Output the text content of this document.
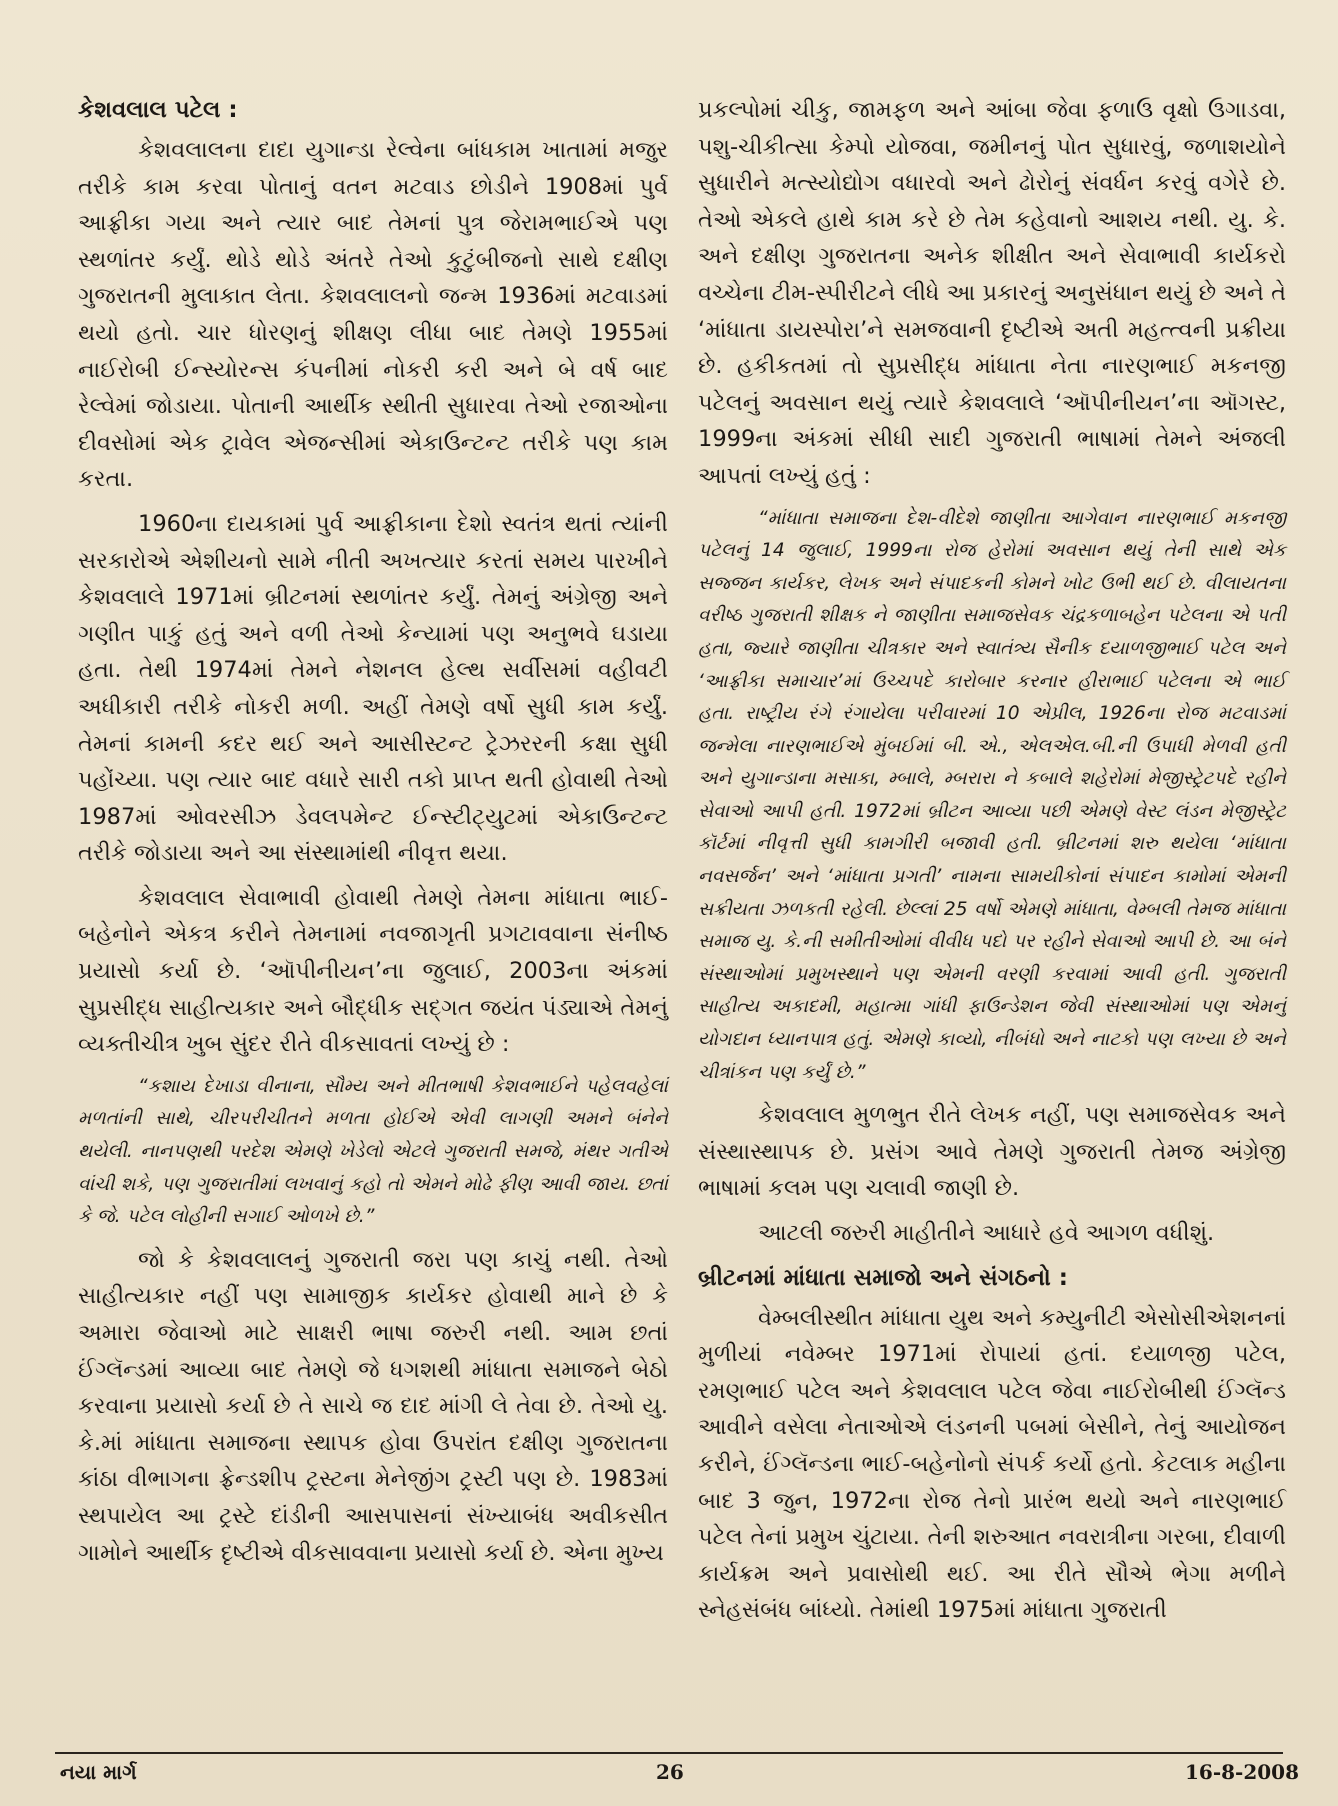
કેશવલાલ પટેલ :

કેશવલાલના દાદા યુગાન્ડા રેલ્વેના બાંધકામ ખાતામાં મજુર તરીકે કામ કરવા પોતાનું વતન મટવાડ છોડીને 1908માં પુર્વ આફ્રીકા ગયા અને ત્યાર બાદ તેમનાં પુત્ર જેરામભાઈએ પણ સ્થળાંતર કર્યું. થોડે થોડે અંતરે તેઓ કુટુંબીજનો સાથે દક્ષીણ ગુજરાતની મુલાકાત લેતા. કેશવલાલનો જન્મ 1936માં મટવાડમાં થયો હતો. ચાર ધોરણનું શીક્ષણ લીધા બાદ તેમણે 1955માં નાઈરોબી ઈન્સ્યોરન્સ કંપનીમાં નોકરી કરી અને બે વર્ષ બાદ રેલ્વેમાં જોડાયા. પોતાની આર્થીક સ્થીતી સુધારવા તેઓ રજાઓના દીવસોમાં એક ટ્રાવેલ એજન્સીમાં એકાઉન્ટન્ટ તરીકે પણ કામ કરતા.

1960ના દાયકામાં પુર્વ આફ્રીકાના દેશો સ્વતંત્ર થતાં ત્યાંની સરકારોએ એશીયનો સામે નીતી અખત્યાર કરતાં સમય પારખીને કેશવલાલે 1971માં બ્રીટનમાં સ્થળાંતર કર્યું. તેમનું અંગ્રેજી અને ગણીત પાકું હતું અને વળી તેઓ કેન્યામાં પણ અનુભવે ઘડાયા હતા. તેથી 1974માં તેમને નેશનલ હેલ્થ સર્વીસમાં વહીવટી અધીકારી તરીકે નોકરી મળી. અહીં તેમણે વર્ષો સુધી કામ કર્યું. તેમનાં કામની કદર થઈ અને આસીસ્ટન્ટ ટ્રેઝરરની કક્ષા સુધી પહોંચ્યા. પણ ત્યાર બાદ વધારે સારી તકો પ્રાપ્ત થતી હોવાથી તેઓ 1987માં ઓવરસીઝ ડેવલપમેન્ટ ઈન્સ્ટીટ્યુટમાં એકાઉન્ટન્ટ તરીકે જોડાયા અને આ સંસ્થામાંથી નીવૃત્ત થયા.

કેશવલાલ સેવાભાવી હોવાથી તેમણે તેમના માંધાતા ભાઈ-બહેનોને એકત્ર કરીને તેમનામાં નવજાગૃતી પ્રગટાવવાના સંનીષ્ઠ પ્રયાસો કર્યા છે. ‘ઑપીનીયન’ના જુલાઈ, 2003ના અંકમાં સુપ્રસીદ્ધ સાહીત્યકાર અને બૌદ્ધીક સદ્‌ગત જયંત પંડ્યાએ તેમનું વ્યક્તીચીત્ર ખુબ સુંદર રીતે વીકસાવતાં લખ્યું છે :

“કશાય દેખાડા વીનાના, સૌમ્ય અને મીતભાષી કેશવભાઈને પહેલવહેલાં મળતાંની સાથે, ચીરપરીચીતને મળતા હોઈએ એવી લાગણી અમને બંનેને થયેલી. નાનપણથી પરદેશ એમણે ખેડેલો એટલે ગુજરાતી સમજે, મંથર ગતીએ વાંચી શકે, પણ ગુજરાતીમાં લખવાનું કહો તો એમને મોઢે ફીણ આવી જાય. છતાં કે જે. પટેલ લોહીની સગાઈ ઓળખે છે.”

જો કે કેશવલાલનું ગુજરાતી જરા પણ કાચું નથી. તેઓ સાહીત્યકાર નહીં પણ સામાજીક કાર્યકર હોવાથી માને છે કે અમારા જેવાઓ માટે સાક્ષરી ભાષા જરુરી નથી. આમ છતાં ઈંગ્લૅન્ડમાં આવ્યા બાદ તેમણે જે ધગશથી માંધાતા સમાજને બેઠો કરવાના પ્રયાસો કર્યા છે તે સાચે જ દાદ માંગી લે તેવા છે. તેઓ યુ. કે.માં માંધાતા સમાજના સ્થાપક હોવા ઉપરાંત દક્ષીણ ગુજરાતના કાંઠા વીભાગના ફ્રેન્ડશીપ ટ્રસ્ટના મેનેજીંગ ટ્રસ્ટી પણ છે. 1983માં સ્થપાયેલ આ ટ્રસ્ટે દાંડીની આસપાસનાં સંખ્યાબંધ અવીકસીત ગામોને આર્થીક દૃષ્ટીએ વીકસાવવાના પ્રયાસો કર્યા છે. એના મુખ્ય

પ્રકલ્પોમાં ચીકુ, જામફળ અને આંબા જેવા ફળાઉ વૃક્ષો ઉગાડવા, પશુ-ચીકીત્સા કેમ્પો યોજવા, જમીનનું પોત સુધારવું, જળાશયોને સુધારીને મત્સ્યોદ્યોગ વધારવો અને ઢોરોનું સંવર્ધન કરવું વગેરે છે. તેઓ એકલે હાથે કામ કરે છે તેમ કહેવાનો આશય નથી. યુ. કે. અને દક્ષીણ ગુજરાતના અનેક શીક્ષીત અને સેવાભાવી કાર્યકરો વચ્ચેના ટીમ-સ્પીરીટને લીધે આ પ્રકારનું અનુસંધાન થયું છે અને તે ‘માંધાતા ડાયસ્પોરા’ને સમજવાની દૃષ્ટીએ અતી મહત્ત્વની પ્રક્રીયા છે. હકીકતમાં તો સુપ્રસીદ્ધ માંધાતા નેતા નારણભાઈ મકનજી પટેલનું અવસાન થયું ત્યારે કેશવલાલે ‘ઑપીનીયન’ના ઑગસ્ટ, 1999ના અંકમાં સીધી સાદી ગુજરાતી ભાષામાં તેમને અંજલી આપતાં લખ્યું હતું :

“માંધાતા સમાજના દેશ-વીદેશે જાણીતા આગેવાન નારણભાઈ મકનજી પટેલનું 14 જુલાઈ, 1999ના રોજ હેરોમાં અવસાન થયું તેની સાથે એક સજ્જન કાર્યકર, લેખક અને સંપાદકની કોમને ખોટ ઉભી થઈ છે. વીલાયતના વરીષ્ઠ ગુજરાતી શીક્ષક ને જાણીતા સમાજસેવક ચંદ્રકળાબહેન પટેલના એ પતી હતા, જ્યારે જાણીતા ચીત્રકાર અને સ્વાતંત્ર્ય સૈનીક દયાળજીભાઈ પટેલ અને ‘આફ્રીકા સમાચાર’માં ઉચ્ચપદે કારોબાર કરનાર હીરાભાઈ પટેલના એ ભાઈ હતા. રાષ્ટ્રીય રંગે રંગાયેલા પરીવારમાં 10 એપ્રીલ, 1926ના રોજ મટવાડમાં જન્મેલા નારણભાઈએ મુંબઈમાં બી. એ., એલએલ.બી.ની ઉપાધી મેળવી હતી અને યુગાન્ડાના મસાકા, મ્બાલે, મ્બરારા ને કબાલે શહેરોમાં મેજીસ્ટ્રેટપદે રહીને સેવાઓ આપી હતી. 1972માં બ્રીટન આવ્યા પછી એમણે વેસ્ટ લંડન મેજીસ્ટ્રેટ કૉર્ટમાં નીવૃત્તી સુધી કામગીરી બજાવી હતી. બ્રીટનમાં શરુ થયેલા ‘માંધાતા નવસર્જન’ અને ‘માંધાતા પ્રગતી’ નામના સામયીકોનાં સંપાદન કામોમાં એમની સક્રીયતા ઝળકતી રહેલી. છેલ્લાં 25 વર્ષો એમણે માંધાતા, વેમ્બલી તેમજ માંધાતા સમાજ યુ. કે.ની સમીતીઓમાં વીવીધ પદો પર રહીને સેવાઓ આપી છે. આ બંને સંસ્થાઓમાં પ્રમુખસ્થાને પણ એમની વરણી કરવામાં આવી હતી. ગુજરાતી સાહીત્ય અકાદમી, મહાત્મા ગાંધી ફાઉન્ડેશન જેવી સંસ્થાઓમાં પણ એમનું યોગદાન ધ્યાનપાત્ર હતું. એમણે કાવ્યો, નીબંધો અને નાટકો પણ લખ્યા છે અને ચીત્રાંકન પણ કર્યું છે.”

કેશવલાલ મુળભુત રીતે લેખક નહીં, પણ સમાજસેવક અને સંસ્થાસ્થાપક છે. પ્રસંગ આવે તેમણે ગુજરાતી તેમજ અંગ્રેજી ભાષામાં કલમ પણ ચલાવી જાણી છે.

આટલી જરુરી માહીતીને આધારે હવે આગળ વધીશું.

બ્રીટનમાં માંધાતા સમાજો અને સંગઠનો :

વેમ્બલીસ્થીત માંધાતા યુથ અને કમ્યુનીટી એસોસીએશનનાં મુળીયાં નવેમ્બર 1971માં રોપાયાં હતાં. દયાળજી પટેલ, રમણભાઈ પટેલ અને કેશવલાલ પટેલ જેવા નાઈરોબીથી ઈંગ્લૅન્ડ આવીને વસેલા નેતાઓએ લંડનની પબમાં બેસીને, તેનું આયોજન કરીને, ઈંગ્લૅન્ડના ભાઈ-બહેનોનો સંપર્ક કર્યો હતો. કેટલાક મહીના બાદ 3 જુન, 1972ના રોજ તેનો પ્રારંભ થયો અને નારણભાઈ પટેલ તેનાં પ્રમુખ ચુંટાયા. તેની શરુઆત નવરાત્રીના ગરબા, દીવાળી કાર્યક્રમ અને પ્રવાસોથી થઈ. આ રીતે સૌએ ભેગા મળીને સ્નેહસંબંધ બાંધ્યો. તેમાંથી 1975માં માંધાતા ગુજરાતી

નયા માર્ગ	26	16-8-2008
